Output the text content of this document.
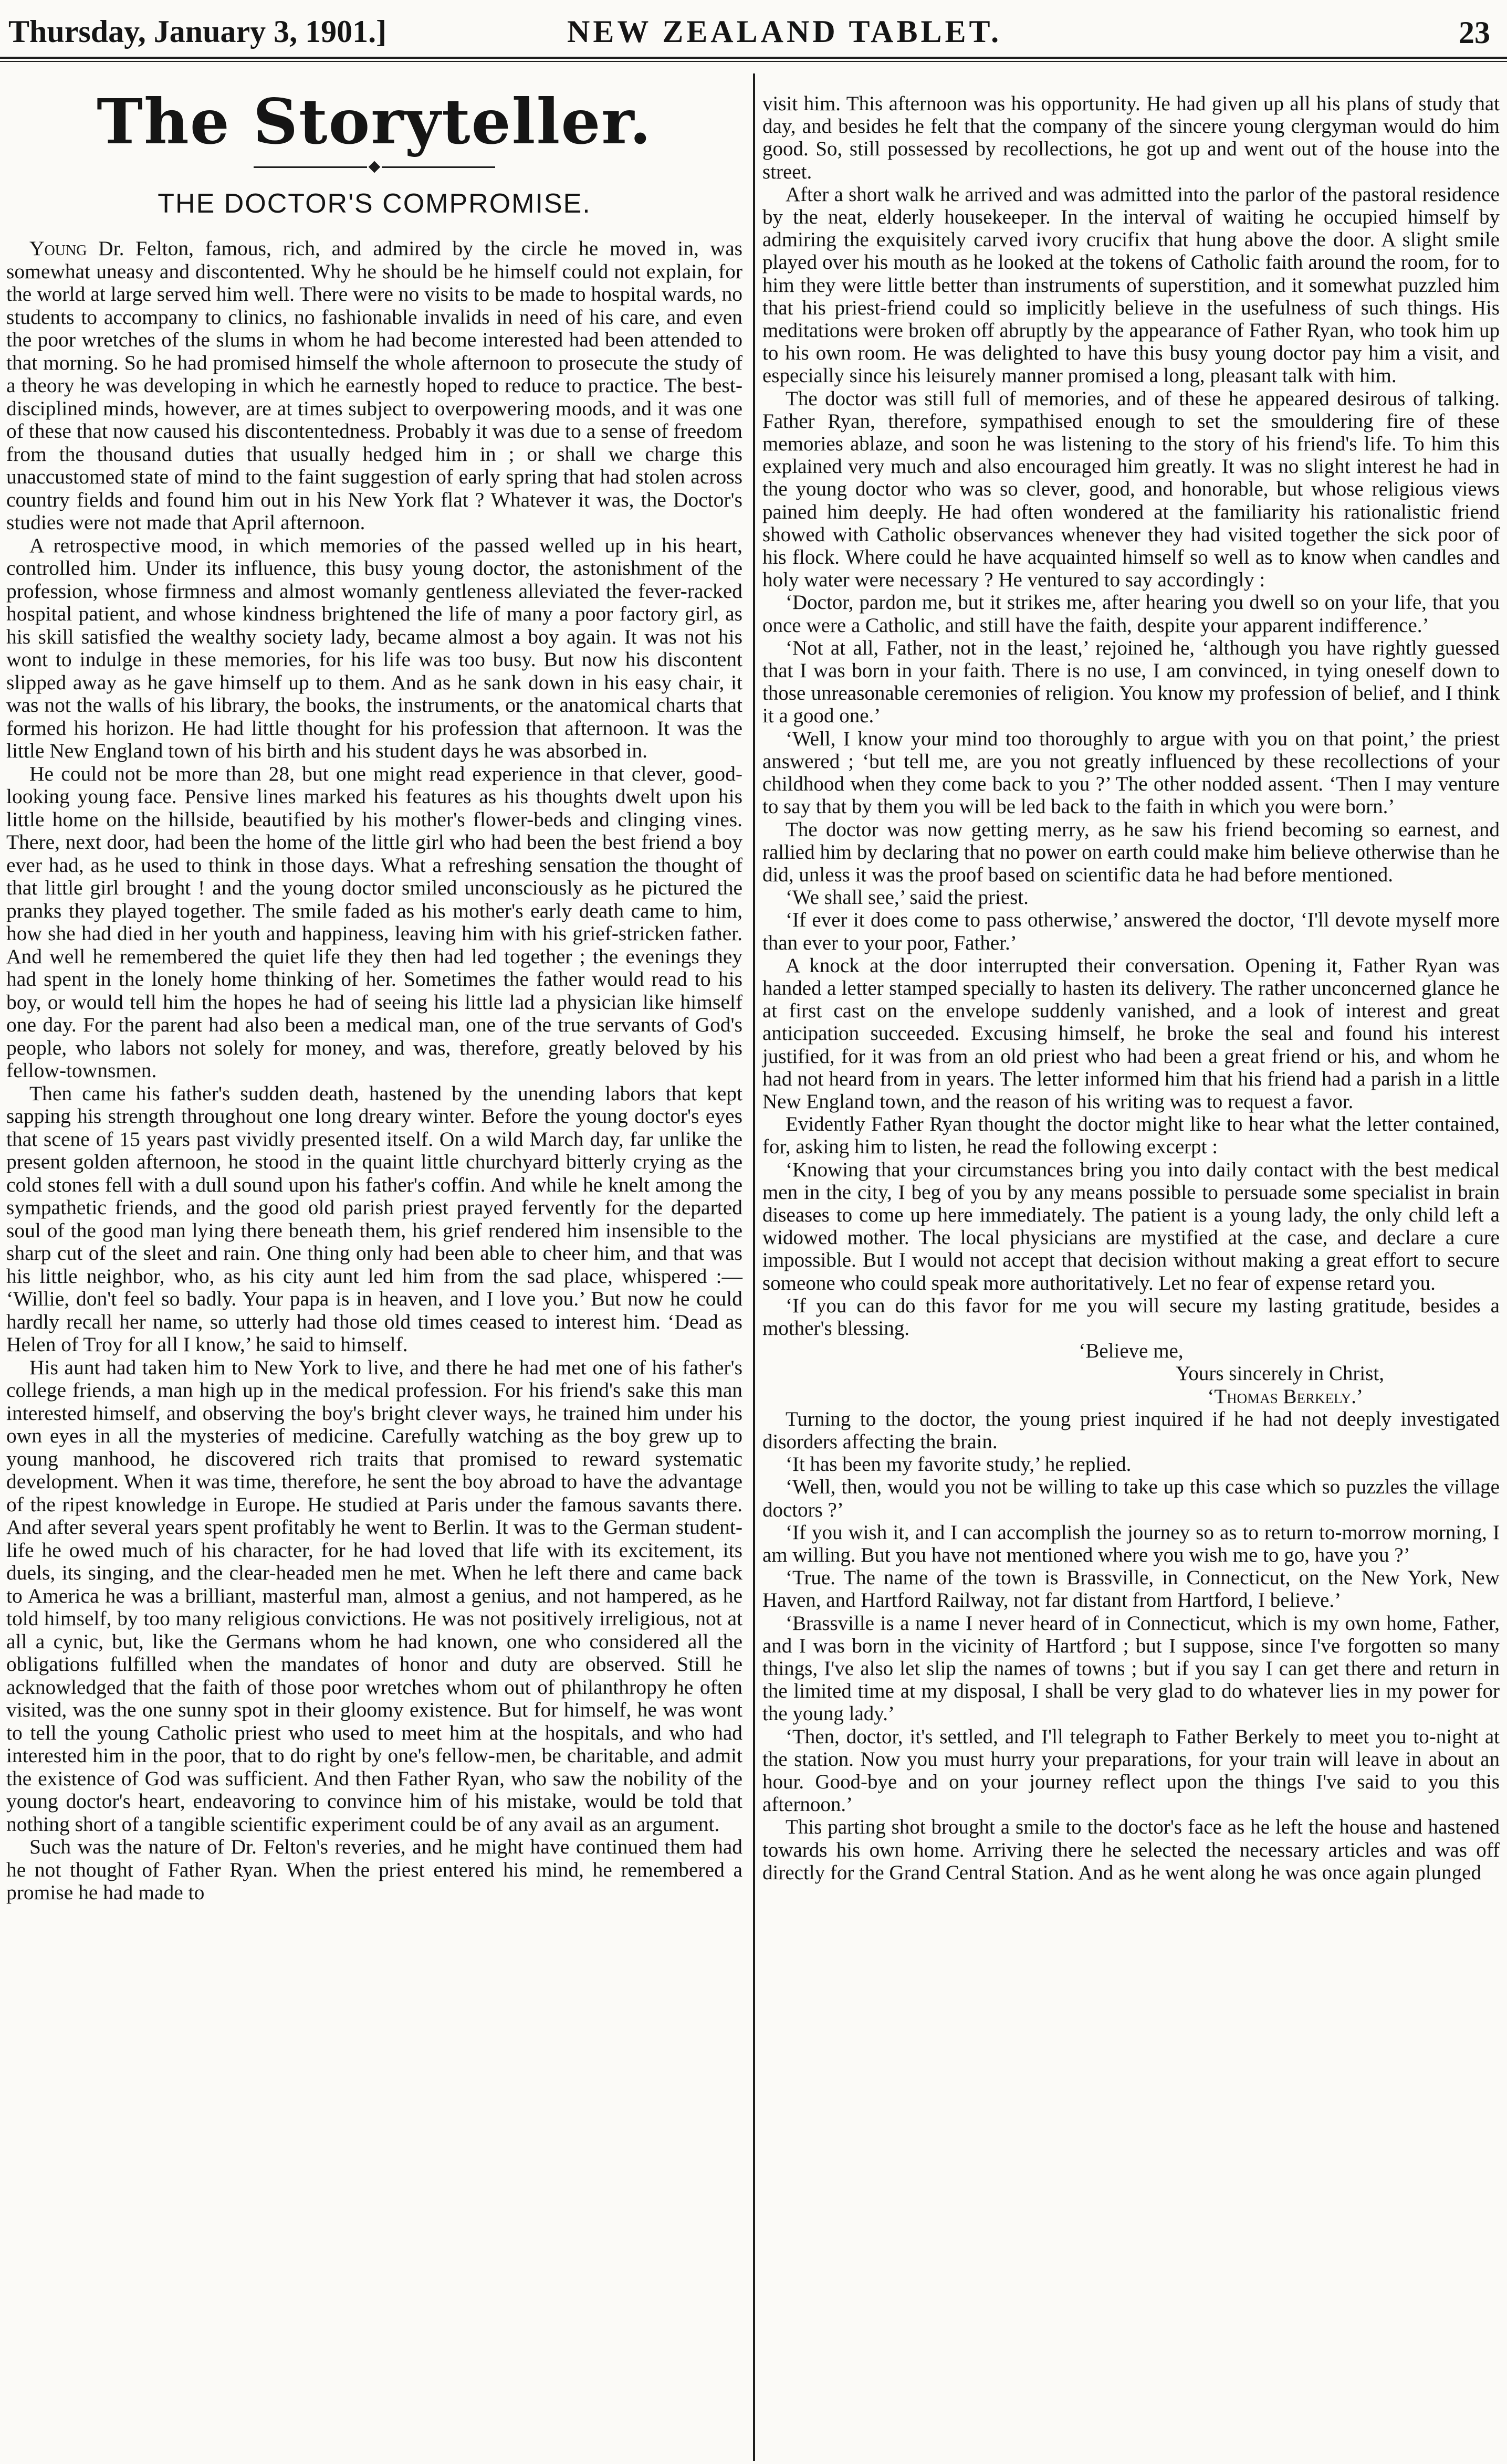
Thursday, January 3, 1901.]	NEW ZEALAND TABLET.	23
The Storyteller.
THE DOCTOR'S COMPROMISE.

Young Dr. Felton, famous, rich, and admired by the circle he moved in, was somewhat uneasy and discontented. Why he should be he himself could not explain, for the world at large served him well. There were no visits to be made to hospital wards, no students to accompany to clinics, no fashionable invalids in need of his care, and even the poor wretches of the slums in whom he had become interested had been attended to that morning. So he had promised himself the whole afternoon to prosecute the study of a theory he was developing in which he earnestly hoped to reduce to practice. The best-disciplined minds, however, are at times subject to overpowering moods, and it was one of these that now caused his discontentedness. Probably it was due to a sense of freedom from the thousand duties that usually hedged him in ; or shall we charge this unaccustomed state of mind to the faint suggestion of early spring that had stolen across country fields and found him out in his New York flat ? Whatever it was, the Doctor's studies were not made that April afternoon.

A retrospective mood, in which memories of the passed welled up in his heart, controlled him. Under its influence, this busy young doctor, the astonishment of the profession, whose firmness and almost womanly gentleness alleviated the fever-racked hospital patient, and whose kindness brightened the life of many a poor factory girl, as his skill satisfied the wealthy society lady, became almost a boy again. It was not his wont to indulge in these memories, for his life was too busy. But now his discontent slipped away as he gave himself up to them. And as he sank down in his easy chair, it was not the walls of his library, the books, the instruments, or the anatomical charts that formed his horizon. He had little thought for his profession that afternoon. It was the little New England town of his birth and his student days he was absorbed in.

He could not be more than 28, but one might read experience in that clever, good-looking young face. Pensive lines marked his features as his thoughts dwelt upon his little home on the hillside, beautified by his mother's flower-beds and clinging vines. There, next door, had been the home of the little girl who had been the best friend a boy ever had, as he used to think in those days. What a refreshing sensation the thought of that little girl brought ! and the young doctor smiled unconsciously as he pictured the pranks they played together. The smile faded as his mother's early death came to him, how she had died in her youth and happiness, leaving him with his grief-stricken father. And well he remembered the quiet life they then had led together ; the evenings they had spent in the lonely home thinking of her. Sometimes the father would read to his boy, or would tell him the hopes he had of seeing his little lad a physician like himself one day. For the parent had also been a medical man, one of the true servants of God's people, who labors not solely for money, and was, therefore, greatly beloved by his fellow-townsmen.

Then came his father's sudden death, hastened by the unending labors that kept sapping his strength throughout one long dreary winter. Before the young doctor's eyes that scene of 15 years past vividly presented itself. On a wild March day, far unlike the present golden afternoon, he stood in the quaint little churchyard bitterly crying as the cold stones fell with a dull sound upon his father's coffin. And while he knelt among the sympathetic friends, and the good old parish priest prayed fervently for the departed soul of the good man lying there beneath them, his grief rendered him insensible to the sharp cut of the sleet and rain. One thing only had been able to cheer him, and that was his little neighbor, who, as his city aunt led him from the sad place, whispered :— ‘Willie, don't feel so badly. Your papa is in heaven, and I love you.’ But now he could hardly recall her name, so utterly had those old times ceased to interest him. ‘Dead as Helen of Troy for all I know,’ he said to himself.

His aunt had taken him to New York to live, and there he had met one of his father's college friends, a man high up in the medical profession. For his friend's sake this man interested himself, and observing the boy's bright clever ways, he trained him under his own eyes in all the mysteries of medicine. Carefully watching as the boy grew up to young manhood, he discovered rich traits that promised to reward systematic development. When it was time, therefore, he sent the boy abroad to have the advantage of the ripest knowledge in Europe. He studied at Paris under the famous savants there. And after several years spent profitably he went to Berlin. It was to the German student-life he owed much of his character, for he had loved that life with its excitement, its duels, its singing, and the clear-headed men he met. When he left there and came back to America he was a brilliant, masterful man, almost a genius, and not hampered, as he told himself, by too many religious convictions. He was not positively irreligious, not at all a cynic, but, like the Germans whom he had known, one who considered all the obligations fulfilled when the mandates of honor and duty are observed. Still he acknowledged that the faith of those poor wretches whom out of philanthropy he often visited, was the one sunny spot in their gloomy existence. But for himself, he was wont to tell the young Catholic priest who used to meet him at the hospitals, and who had interested him in the poor, that to do right by one's fellow-men, be charitable, and admit the existence of God was sufficient. And then Father Ryan, who saw the nobility of the young doctor's heart, endeavoring to convince him of his mistake, would be told that nothing short of a tangible scientific experiment could be of any avail as an argument.

Such was the nature of Dr. Felton's reveries, and he might have continued them had he not thought of Father Ryan. When the priest entered his mind, he remembered a promise he had made to

visit him. This afternoon was his opportunity. He had given up all his plans of study that day, and besides he felt that the company of the sincere young clergyman would do him good. So, still possessed by recollections, he got up and went out of the house into the street.

After a short walk he arrived and was admitted into the parlor of the pastoral residence by the neat, elderly housekeeper. In the interval of waiting he occupied himself by admiring the exquisitely carved ivory crucifix that hung above the door. A slight smile played over his mouth as he looked at the tokens of Catholic faith around the room, for to him they were little better than instruments of superstition, and it somewhat puzzled him that his priest-friend could so implicitly believe in the usefulness of such things. His meditations were broken off abruptly by the appearance of Father Ryan, who took him up to his own room. He was delighted to have this busy young doctor pay him a visit, and especially since his leisurely manner promised a long, pleasant talk with him.

The doctor was still full of memories, and of these he appeared desirous of talking. Father Ryan, therefore, sympathised enough to set the smouldering fire of these memories ablaze, and soon he was listening to the story of his friend's life. To him this explained very much and also encouraged him greatly. It was no slight interest he had in the young doctor who was so clever, good, and honorable, but whose religious views pained him deeply. He had often wondered at the familiarity his rationalistic friend showed with Catholic observances whenever they had visited together the sick poor of his flock. Where could he have acquainted himself so well as to know when candles and holy water were necessary ? He ventured to say accordingly :

‘Doctor, pardon me, but it strikes me, after hearing you dwell so on your life, that you once were a Catholic, and still have the faith, despite your apparent indifference.’

‘Not at all, Father, not in the least,’ rejoined he, ‘although you have rightly guessed that I was born in your faith. There is no use, I am convinced, in tying oneself down to those unreasonable ceremonies of religion. You know my profession of belief, and I think it a good one.’

‘Well, I know your mind too thoroughly to argue with you on that point,’ the priest answered ; ‘but tell me, are you not greatly influenced by these recollections of your childhood when they come back to you ?’ The other nodded assent. ‘Then I may venture to say that by them you will be led back to the faith in which you were born.’

The doctor was now getting merry, as he saw his friend becoming so earnest, and rallied him by declaring that no power on earth could make him believe otherwise than he did, unless it was the proof based on scientific data he had before mentioned.

‘We shall see,’ said the priest.

‘If ever it does come to pass otherwise,’ answered the doctor, ‘I'll devote myself more than ever to your poor, Father.’

A knock at the door interrupted their conversation. Opening it, Father Ryan was handed a letter stamped specially to hasten its delivery. The rather unconcerned glance he at first cast on the envelope suddenly vanished, and a look of interest and great anticipation succeeded. Excusing himself, he broke the seal and found his interest justified, for it was from an old priest who had been a great friend or his, and whom he had not heard from in years. The letter informed him that his friend had a parish in a little New England town, and the reason of his writing was to request a favor.

Evidently Father Ryan thought the doctor might like to hear what the letter contained, for, asking him to listen, he read the following excerpt :

‘Knowing that your circumstances bring you into daily contact with the best medical men in the city, I beg of you by any means possible to persuade some specialist in brain diseases to come up here immediately. The patient is a young lady, the only child left a widowed mother. The local physicians are mystified at the case, and declare a cure impossible. But I would not accept that decision without making a great effort to secure someone who could speak more authoritatively. Let no fear of expense retard you.

‘If you can do this favor for me you will secure my lasting gratitude, besides a mother's blessing.

‘Believe me,

Yours sincerely in Christ,

‘Thomas Berkely.’

Turning to the doctor, the young priest inquired if he had not deeply investigated disorders affecting the brain.

‘It has been my favorite study,’ he replied.

‘Well, then, would you not be willing to take up this case which so puzzles the village doctors ?’

‘If you wish it, and I can accomplish the journey so as to return to-morrow morning, I am willing. But you have not mentioned where you wish me to go, have you ?’

‘True. The name of the town is Brassville, in Connecticut, on the New York, New Haven, and Hartford Railway, not far distant from Hartford, I believe.’

‘Brassville is a name I never heard of in Connecticut, which is my own home, Father, and I was born in the vicinity of Hartford ; but I suppose, since I've forgotten so many things, I've also let slip the names of towns ; but if you say I can get there and return in the limited time at my disposal, I shall be very glad to do whatever lies in my power for the young lady.’

‘Then, doctor, it's settled, and I'll telegraph to Father Berkely to meet you to-night at the station. Now you must hurry your preparations, for your train will leave in about an hour. Good-bye and on your journey reflect upon the things I've said to you this afternoon.’

This parting shot brought a smile to the doctor's face as he left the house and hastened towards his own home. Arriving there he selected the necessary articles and was off directly for the Grand Central Station. And as he went along he was once again plunged
